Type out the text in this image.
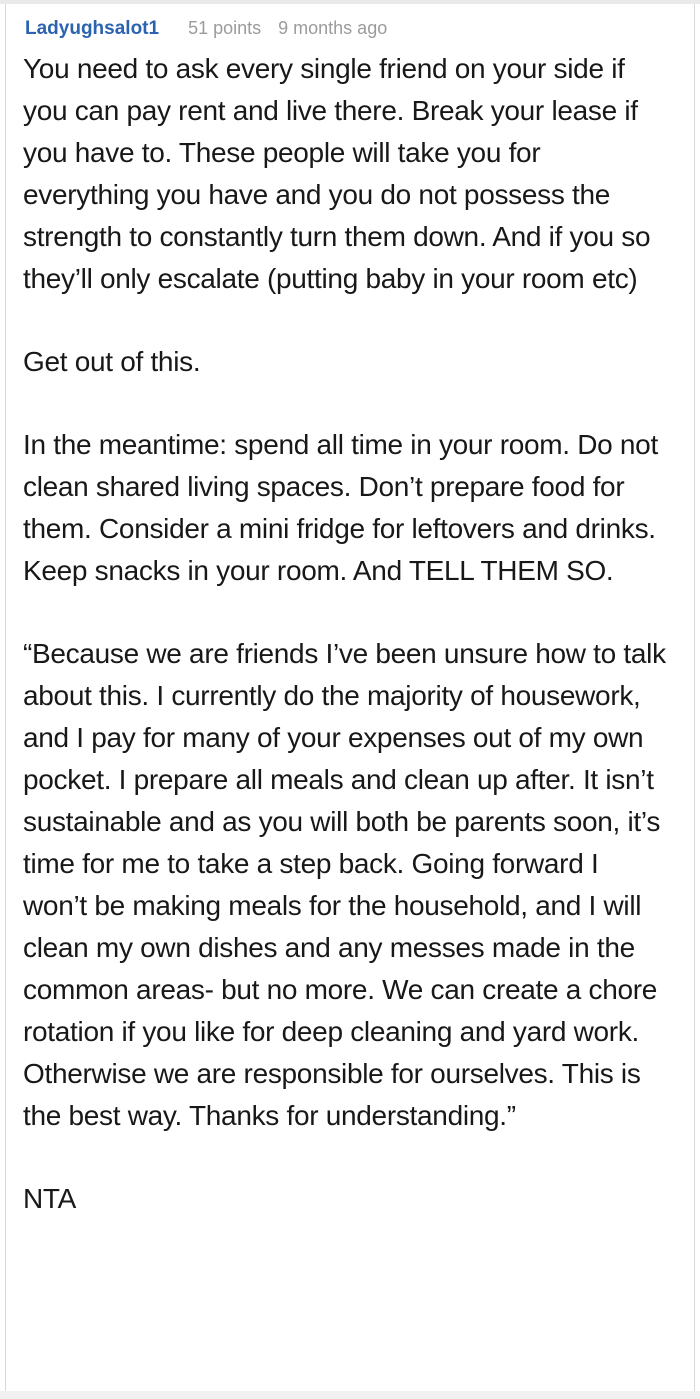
Ladyughsalot1 51 points 9 months ago

You need to ask every single friend on your side if you can pay rent and live there. Break your lease if you have to. These people will take you for everything you have and you do not possess the strength to constantly turn them down. And if you so they’ll only escalate (putting baby in your room etc)

Get out of this.

In the meantime: spend all time in your room. Do not clean shared living spaces. Don’t prepare food for them. Consider a mini fridge for leftovers and drinks. Keep snacks in your room. And TELL THEM SO.

“Because we are friends I’ve been unsure how to talk about this. I currently do the majority of housework, and I pay for many of your expenses out of my own pocket. I prepare all meals and clean up after. It isn’t sustainable and as you will both be parents soon, it’s time for me to take a step back. Going forward I won’t be making meals for the household, and I will clean my own dishes and any messes made in the common areas- but no more. We can create a chore rotation if you like for deep cleaning and yard work. Otherwise we are responsible for ourselves. This is the best way. Thanks for understanding.”

NTA
